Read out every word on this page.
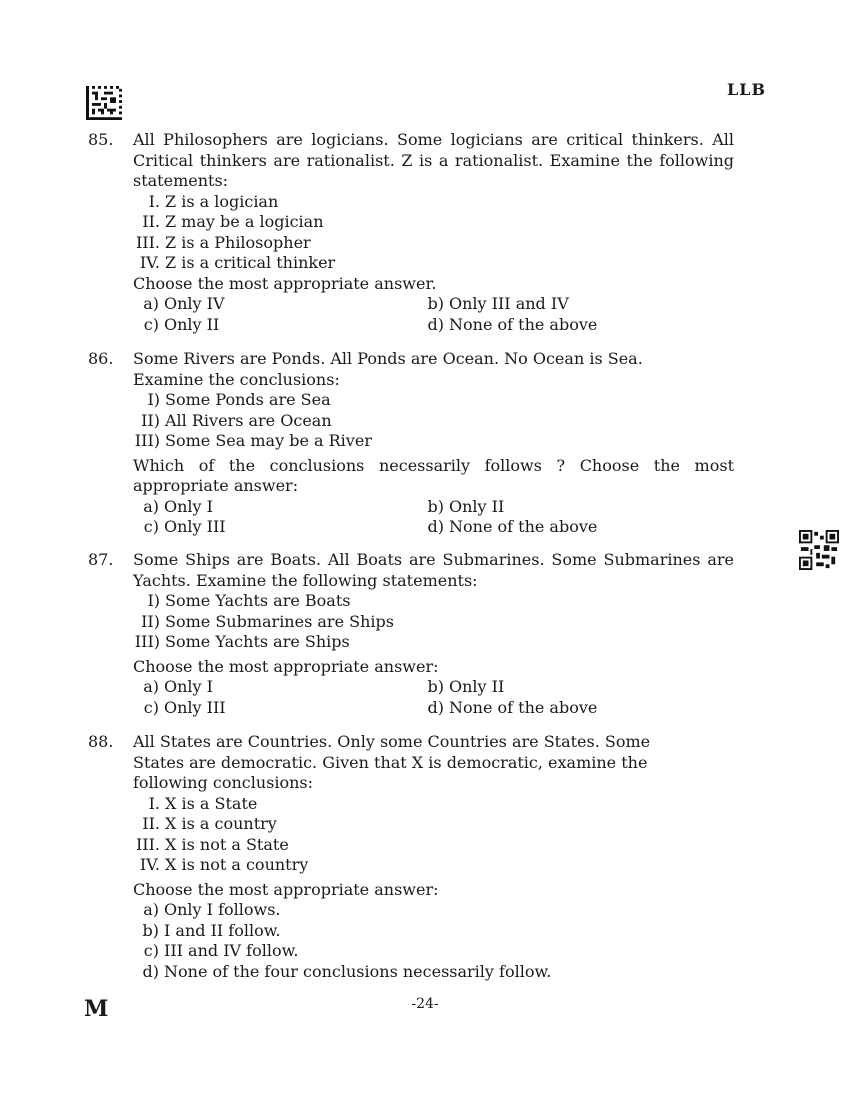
LLB
85.	All Philosophers are logicians. Some logicians are critical thinkers. All Critical thinkers are rationalist. Z is a rationalist. Examine the following statements:
I. Z is a logician
II. Z may be a logician
III. Z is a Philosopher
IV. Z is a critical thinker
Choose the most appropriate answer.
a) Only IV	b) Only III and IV
c) Only II	d) None of the above
86.	Some Rivers are Ponds. All Ponds are Ocean. No Ocean is Sea.
Examine the conclusions:
I) Some Ponds are Sea
II) All Rivers are Ocean
III) Some Sea may be a River
Which of the conclusions necessarily follows ? Choose the most appropriate answer:
a) Only I	b) Only II
c) Only III	d) None of the above
87.	Some Ships are Boats. All Boats are Submarines. Some Submarines are Yachts. Examine the following statements:
I) Some Yachts are Boats
II) Some Submarines are Ships
III) Some Yachts are Ships
Choose the most appropriate answer:
a) Only I	b) Only II
c) Only III	d) None of the above
88.	All States are Countries. Only some Countries are States. Some States are democratic. Given that X is democratic, examine the following conclusions:
I. X is a State
II. X is a country
III. X is not a State
IV. X is not a country
Choose the most appropriate answer:
a) Only I follows.
b) I and II follow.
c) III and IV follow.
d) None of the four conclusions necessarily follow.
M	-24-
